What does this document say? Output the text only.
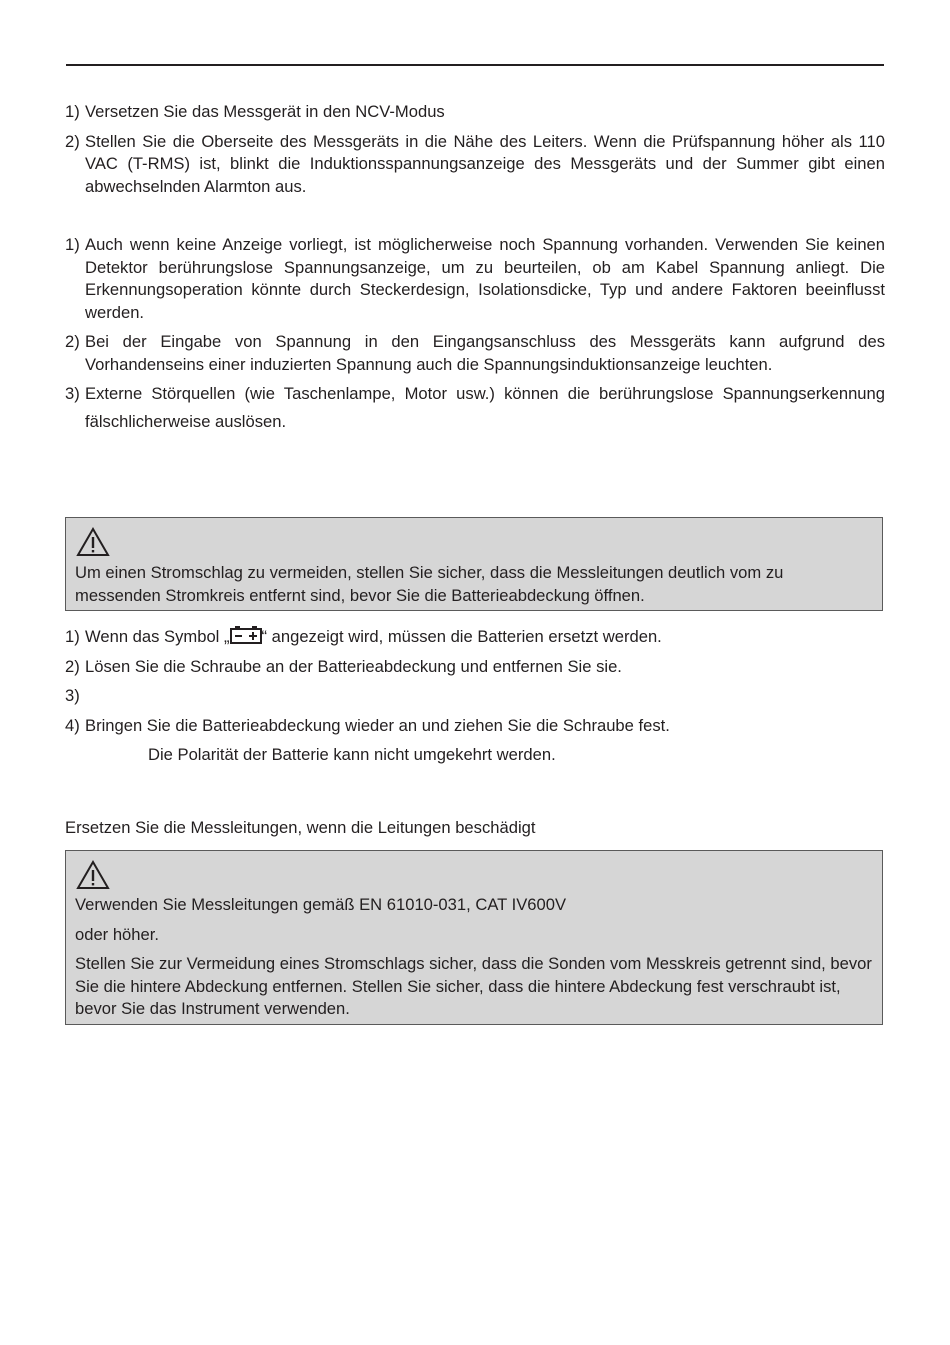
1) Versetzen Sie das Messgerät in den NCV-Modus
2) Stellen Sie die Oberseite des Messgeräts in die Nähe des Leiters. Wenn die Prüfspannung höher als 110 VAC (T-RMS) ist, blinkt die Induktionsspannungsanzeige des Messgeräts und der Summer gibt einen abwechselnden Alarmton aus.
1) Auch wenn keine Anzeige vorliegt, ist möglicherweise noch Spannung vorhanden. Verwenden Sie keinen Detektor berührungslose Spannungsanzeige, um zu beurteilen, ob am Kabel Spannung anliegt. Die Erkennungsoperation könnte durch Steckerdesign, Isolationsdicke, Typ und andere Faktoren beeinflusst werden.
2) Bei der Eingabe von Spannung in den Eingangsanschluss des Messgeräts kann aufgrund des Vorhandenseins einer induzierten Spannung auch die Spannungsinduktionsanzeige leuchten.
3) Externe Störquellen (wie Taschenlampe, Motor usw.) können die berührungslose Spannungserkennung fälschlicherweise auslösen.

Um einen Stromschlag zu vermeiden, stellen Sie sicher, dass die Messleitungen deutlich vom zu messenden Stromkreis entfernt sind, bevor Sie die Batterieabdeckung öffnen.

1) Wenn das Symbol „ “ angezeigt wird, müssen die Batterien ersetzt werden.
2) Lösen Sie die Schraube an der Batterieabdeckung und entfernen Sie sie.
3)
4) Bringen Sie die Batterieabdeckung wieder an und ziehen Sie die Schraube fest.

Die Polarität der Batterie kann nicht umgekehrt werden.

Ersetzen Sie die Messleitungen, wenn die Leitungen beschädigt

Verwenden Sie Messleitungen gemäß EN 61010-031, CAT IV600V

oder höher.

Stellen Sie zur Vermeidung eines Stromschlags sicher, dass die Sonden vom Messkreis getrennt sind, bevor Sie die hintere Abdeckung entfernen. Stellen Sie sicher, dass die hintere Abdeckung fest verschraubt ist, bevor Sie das Instrument verwenden.
